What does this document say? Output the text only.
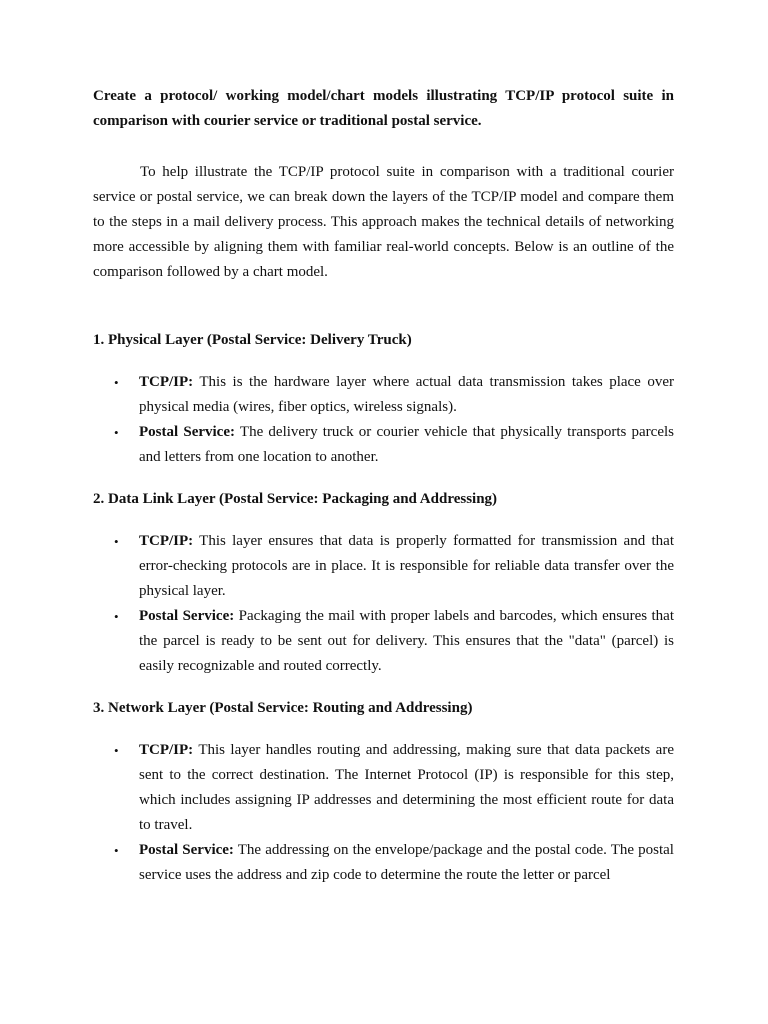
Create a protocol/ working model/chart models illustrating TCP/IP protocol suite in comparison with courier service or traditional postal service.

To help illustrate the TCP/IP protocol suite in comparison with a traditional courier service or postal service, we can break down the layers of the TCP/IP model and compare them to the steps in a mail delivery process. This approach makes the technical details of networking more accessible by aligning them with familiar real-world concepts. Below is an outline of the comparison followed by a chart model.

1. Physical Layer (Postal Service: Delivery Truck)

• TCP/IP: This is the hardware layer where actual data transmission takes place over physical media (wires, fiber optics, wireless signals).
• Postal Service: The delivery truck or courier vehicle that physically transports parcels and letters from one location to another.

2. Data Link Layer (Postal Service: Packaging and Addressing)

• TCP/IP: This layer ensures that data is properly formatted for transmission and that error-checking protocols are in place. It is responsible for reliable data transfer over the physical layer.
• Postal Service: Packaging the mail with proper labels and barcodes, which ensures that the parcel is ready to be sent out for delivery. This ensures that the "data" (parcel) is easily recognizable and routed correctly.

3. Network Layer (Postal Service: Routing and Addressing)

• TCP/IP: This layer handles routing and addressing, making sure that data packets are sent to the correct destination. The Internet Protocol (IP) is responsible for this step, which includes assigning IP addresses and determining the most efficient route for data to travel.
• Postal Service: The addressing on the envelope/package and the postal code. The postal service uses the address and zip code to determine the route the letter or parcel
